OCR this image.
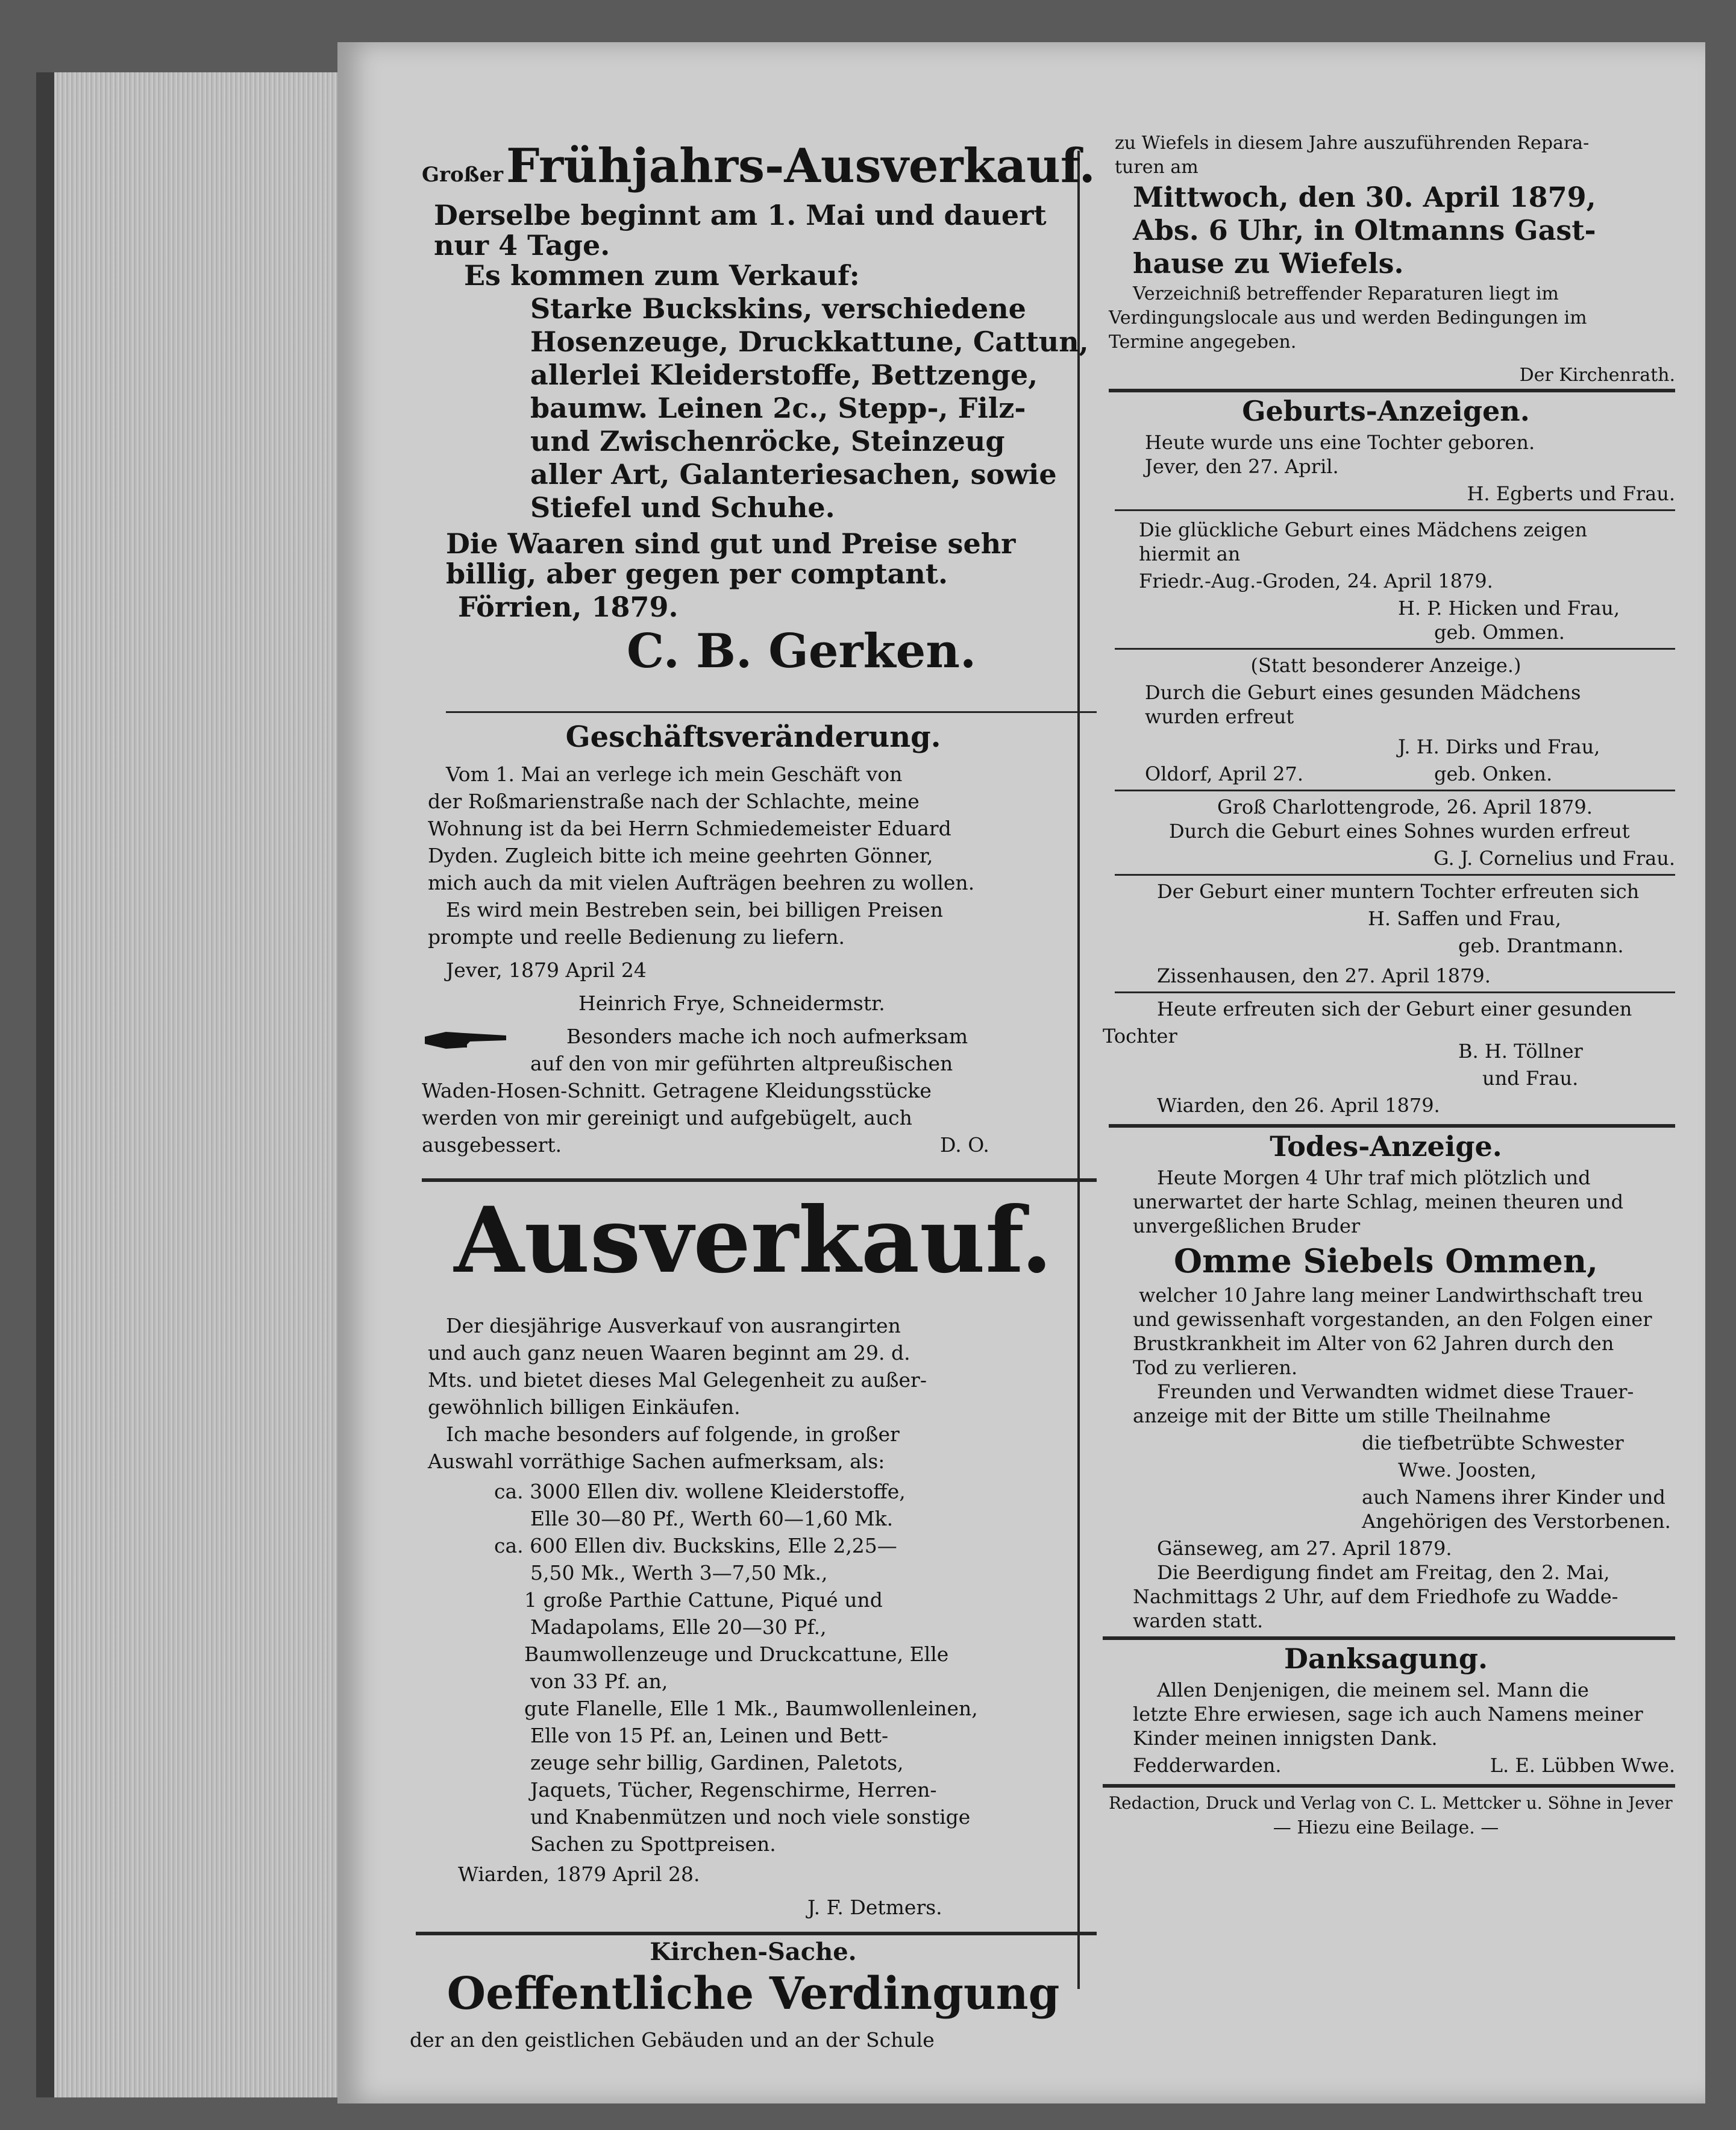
Großer Frühjahrs-Ausverkauf.
Derselbe beginnt am 1. Mai und dauert
nur 4 Tage.
Es kommen zum Verkauf:
Starke Buckskins, verschiedene
Hosenzeuge, Druckkattune, Cattun,
allerlei Kleiderstoffe, Bettzenge,
baumw. Leinen 2c., Stepp-, Filz-
und Zwischenröcke, Steinzeug
aller Art, Galanteriesachen, sowie
Stiefel und Schuhe.
Die Waaren sind gut und Preise sehr
billig, aber gegen per comptant.
Förrien, 1879.
C. B. Gerken.
Geschäftsveränderung.
Vom 1. Mai an verlege ich mein Geschäft von
der Roßmarienstraße nach der Schlachte, meine
Wohnung ist da bei Herrn Schmiedemeister Eduard
Dyden. Zugleich bitte ich meine geehrten Gönner,
mich auch da mit vielen Aufträgen beehren zu wollen.
Es wird mein Bestreben sein, bei billigen Preisen
prompte und reelle Bedienung zu liefern.
Jever, 1879 April 24
Heinrich Frye, Schneidermstr.
Besonders mache ich noch aufmerksam
auf den von mir geführten altpreußischen
Waden-Hosen-Schnitt. Getragene Kleidungsstücke
werden von mir gereinigt und aufgebügelt, auch
ausgebessert.	D. O.
Ausverkauf.
Der diesjährige Ausverkauf von ausrangirten
und auch ganz neuen Waaren beginnt am 29. d.
Mts. und bietet dieses Mal Gelegenheit zu außer-
gewöhnlich billigen Einkäufen.
Ich mache besonders auf folgende, in großer
Auswahl vorräthige Sachen aufmerksam, als:
ca. 3000 Ellen div. wollene Kleiderstoffe,
Elle 30—80 Pf., Werth 60—1,60 Mk.
ca. 600 Ellen div. Buckskins, Elle 2,25—
5,50 Mk., Werth 3—7,50 Mk.,
1 große Parthie Cattune, Piqué und
Madapolams, Elle 20—30 Pf.,
Baumwollenzeuge und Druckcattune, Elle
von 33 Pf. an,
gute Flanelle, Elle 1 Mk., Baumwollenleinen,
Elle von 15 Pf. an, Leinen und Bett-
zeuge sehr billig, Gardinen, Paletots,
Jaquets, Tücher, Regenschirme, Herren-
und Knabenmützen und noch viele sonstige
Sachen zu Spottpreisen.
Wiarden, 1879 April 28.
J. F. Detmers.
Kirchen-Sache.
Oeffentliche Verdingung
der an den geistlichen Gebäuden und an der Schule
zu Wiefels in diesem Jahre auszuführenden Repara-
turen am
Mittwoch, den 30. April 1879,
Abs. 6 Uhr, in Oltmanns Gast-
hause zu Wiefels.
Verzeichniß betreffender Reparaturen liegt im
Verdingungslocale aus und werden Bedingungen im
Termine angegeben.
Der Kirchenrath.
Geburts-Anzeigen.
Heute wurde uns eine Tochter geboren.
Jever, den 27. April.
H. Egberts und Frau.
Die glückliche Geburt eines Mädchens zeigen
hiermit an
Friedr.-Aug.-Groden, 24. April 1879.
H. P. Hicken und Frau,
geb. Ommen.
(Statt besonderer Anzeige.)
Durch die Geburt eines gesunden Mädchens
wurden erfreut
J. H. Dirks und Frau,
Oldorf, April 27.	geb. Onken.
Groß Charlottengrode, 26. April 1879.
Durch die Geburt eines Sohnes wurden erfreut
G. J. Cornelius und Frau.
Der Geburt einer muntern Tochter erfreuten sich
H. Saffen und Frau,
geb. Drantmann.
Zissenhausen, den 27. April 1879.
Heute erfreuten sich der Geburt einer gesunden
Tochter
B. H. Töllner
und Frau.
Wiarden, den 26. April 1879.
Todes-Anzeige.
Heute Morgen 4 Uhr traf mich plötzlich und
unerwartet der harte Schlag, meinen theuren und
unvergeßlichen Bruder
Omme Siebels Ommen,
welcher 10 Jahre lang meiner Landwirthschaft treu
und gewissenhaft vorgestanden, an den Folgen einer
Brustkrankheit im Alter von 62 Jahren durch den
Tod zu verlieren.
Freunden und Verwandten widmet diese Trauer-
anzeige mit der Bitte um stille Theilnahme
die tiefbetrübte Schwester
Wwe. Joosten,
auch Namens ihrer Kinder und
Angehörigen des Verstorbenen.
Gänseweg, am 27. April 1879.
Die Beerdigung findet am Freitag, den 2. Mai,
Nachmittags 2 Uhr, auf dem Friedhofe zu Wadde-
warden statt.
Danksagung.
Allen Denjenigen, die meinem sel. Mann die
letzte Ehre erwiesen, sage ich auch Namens meiner
Kinder meinen innigsten Dank.
Fedderwarden.	L. E. Lübben Wwe.
Redaction, Druck und Verlag von C. L. Mettcker u. Söhne in Jever
— Hiezu eine Beilage. —
